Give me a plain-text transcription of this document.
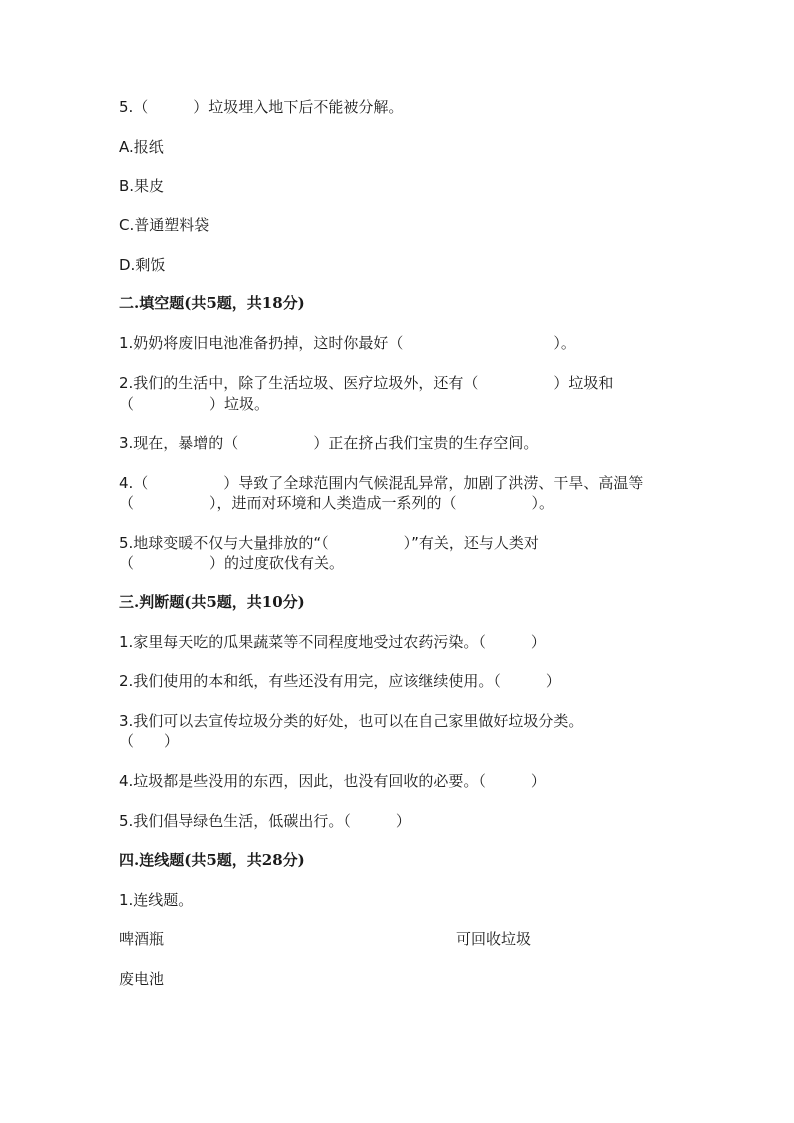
5.（　　　）垃圾埋入地下后不能被分解。
A.报纸
B.果皮
C.普通塑料袋
D.剩饭
二.填空题(共5题，共18分)
1.奶奶将废旧电池准备扔掉，这时你最好（　　　　　　　　　　）。
2.我们的生活中，除了生活垃圾、医疗垃圾外，还有（　　　　　）垃圾和
（　　　　　）垃圾。
3.现在，暴增的（　　　　　）正在挤占我们宝贵的生存空间。
4.（　　　　　）导致了全球范围内气候混乱异常，加剧了洪涝、干旱、高温等
（　　　　　），进而对环境和人类造成一系列的（　　　　　）。
5.地球变暖不仅与大量排放的“（　　　　　）”有关，还与人类对
（　　　　　）的过度砍伐有关。
三.判断题(共5题，共10分)
1.家里每天吃的瓜果蔬菜等不同程度地受过农药污染。（　　　）
2.我们使用的本和纸，有些还没有用完，应该继续使用。（　　　）
3.我们可以去宣传垃圾分类的好处，也可以在自己家里做好垃圾分类。
（　　）
4.垃圾都是些没用的东西，因此，也没有回收的必要。（　　　）
5.我们倡导绿色生活，低碳出行。（　　　）
四.连线题(共5题，共28分)
1.连线题。
啤酒瓶	可回收垃圾
废电池
